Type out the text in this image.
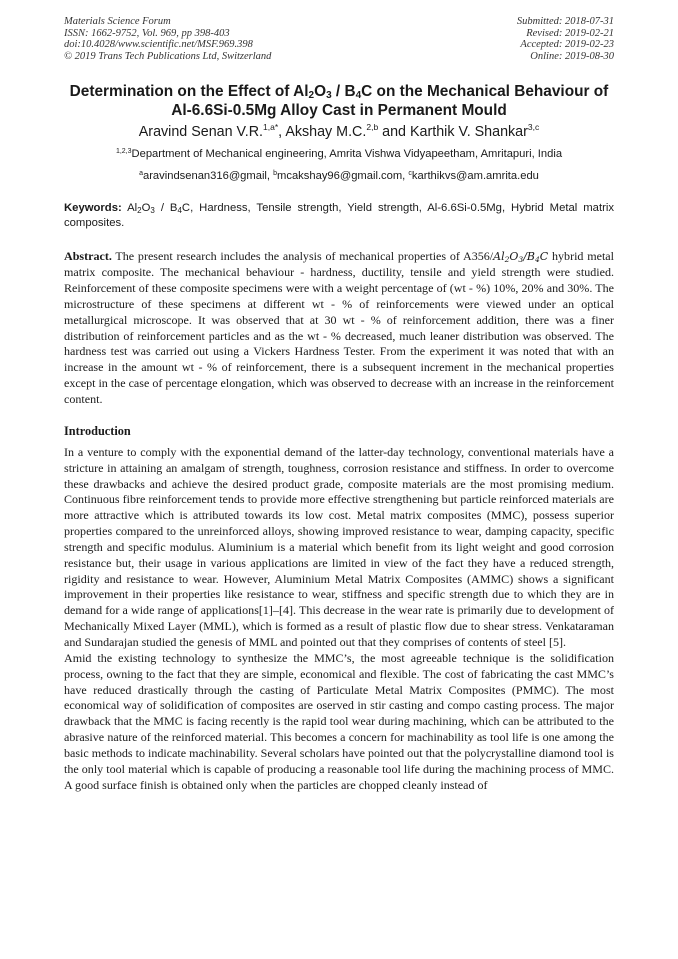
Materials Science Forum
ISSN: 1662-9752, Vol. 969, pp 398-403
doi:10.4028/www.scientific.net/MSF.969.398
© 2019 Trans Tech Publications Ltd, Switzerland
Submitted: 2018-07-31
Revised: 2019-02-21
Accepted: 2019-02-23
Online: 2019-08-30
Determination on the Effect of $Al_2O_3 / B_4C$ on the Mechanical Behaviour of Al-6.6Si-0.5Mg Alloy Cast in Permanent Mould
Aravind Senan V.R.$^{1,a*}$, Akshay M.C.$^{2,b}$ and Karthik V. Shankar$^{3,c}$
$^{1,2,3}$Department of Mechanical engineering, Amrita Vishwa Vidyapeetham, Amritapuri, India
$^a$aravindsenan316@gmail, $^b$mcakshay96@gmail.com, $^c$karthikvs@am.amrita.edu
Keywords: $Al_2O_3 / B_4C$, Hardness, Tensile strength, Yield strength, Al-6.6Si-0.5Mg, Hybrid Metal matrix composites.
Abstract. The present research includes the analysis of mechanical properties of $A356/Al_2O_3/B_4C$ hybrid metal matrix composite. The mechanical behaviour - hardness, ductility, tensile and yield strength were studied. Reinforcement of these composite specimens were with a weight percentage of (wt - %) 10%, 20% and 30%. The microstructure of these specimens at different wt - % of reinforcements were viewed under an optical metallurgical microscope. It was observed that at 30 wt - % of reinforcement addition, there was a finer distribution of reinforcement particles and as the wt - % decreased, much leaner distribution was observed. The hardness test was carried out using a Vickers Hardness Tester. From the experiment it was noted that with an increase in the amount wt - % of reinforcement, there is a subsequent increment in the mechanical properties except in the case of percentage elongation, which was observed to decrease with an increase in the reinforcement content.
Introduction
In a venture to comply with the exponential demand of the latter-day technology, conventional materials have a stricture in attaining an amalgam of strength, toughness, corrosion resistance and stiffness. In order to overcome these drawbacks and achieve the desired product grade, composite materials are the most promising medium. Continuous fibre reinforcement tends to provide more effective strengthening but particle reinforced materials are more attractive which is attributed towards its low cost. Metal matrix composites (MMC), possess superior properties compared to the unreinforced alloys, showing improved resistance to wear, damping capacity, specific strength and specific modulus. Aluminium is a material which benefit from its light weight and good corrosion resistance but, their usage in various applications are limited in view of the fact they have a reduced strength, rigidity and resistance to wear. However, Aluminium Metal Matrix Composites (AMMC) shows a significant improvement in their properties like resistance to wear, stiffness and specific strength due to which they are in demand for a wide range of applications[1]–[4]. This decrease in the wear rate is primarily due to development of Mechanically Mixed Layer (MML), which is formed as a result of plastic flow due to shear stress. Venkataraman and Sundarajan studied the genesis of MML and pointed out that they comprises of contents of steel [5].
Amid the existing technology to synthesize the MMC’s, the most agreeable technique is the solidification process, owning to the fact that they are simple, economical and flexible. The cost of fabricating the cast MMC’s have reduced drastically through the casting of Particulate Metal Matrix Composites (PMMC). The most economical way of solidification of composites are oserved in stir casting and compo casting process. The major drawback that the MMC is facing recently is the rapid tool wear during machining, which can be attributed to the abrasive nature of the reinforced material. This becomes a concern for machinability as tool life is one among the basic methods to indicate machinability. Several scholars have pointed out that the polycrystalline diamond tool is the only tool material which is capable of producing a reasonable tool life during the machining process of MMC. A good surface finish is obtained only when the particles are chopped cleanly instead of
